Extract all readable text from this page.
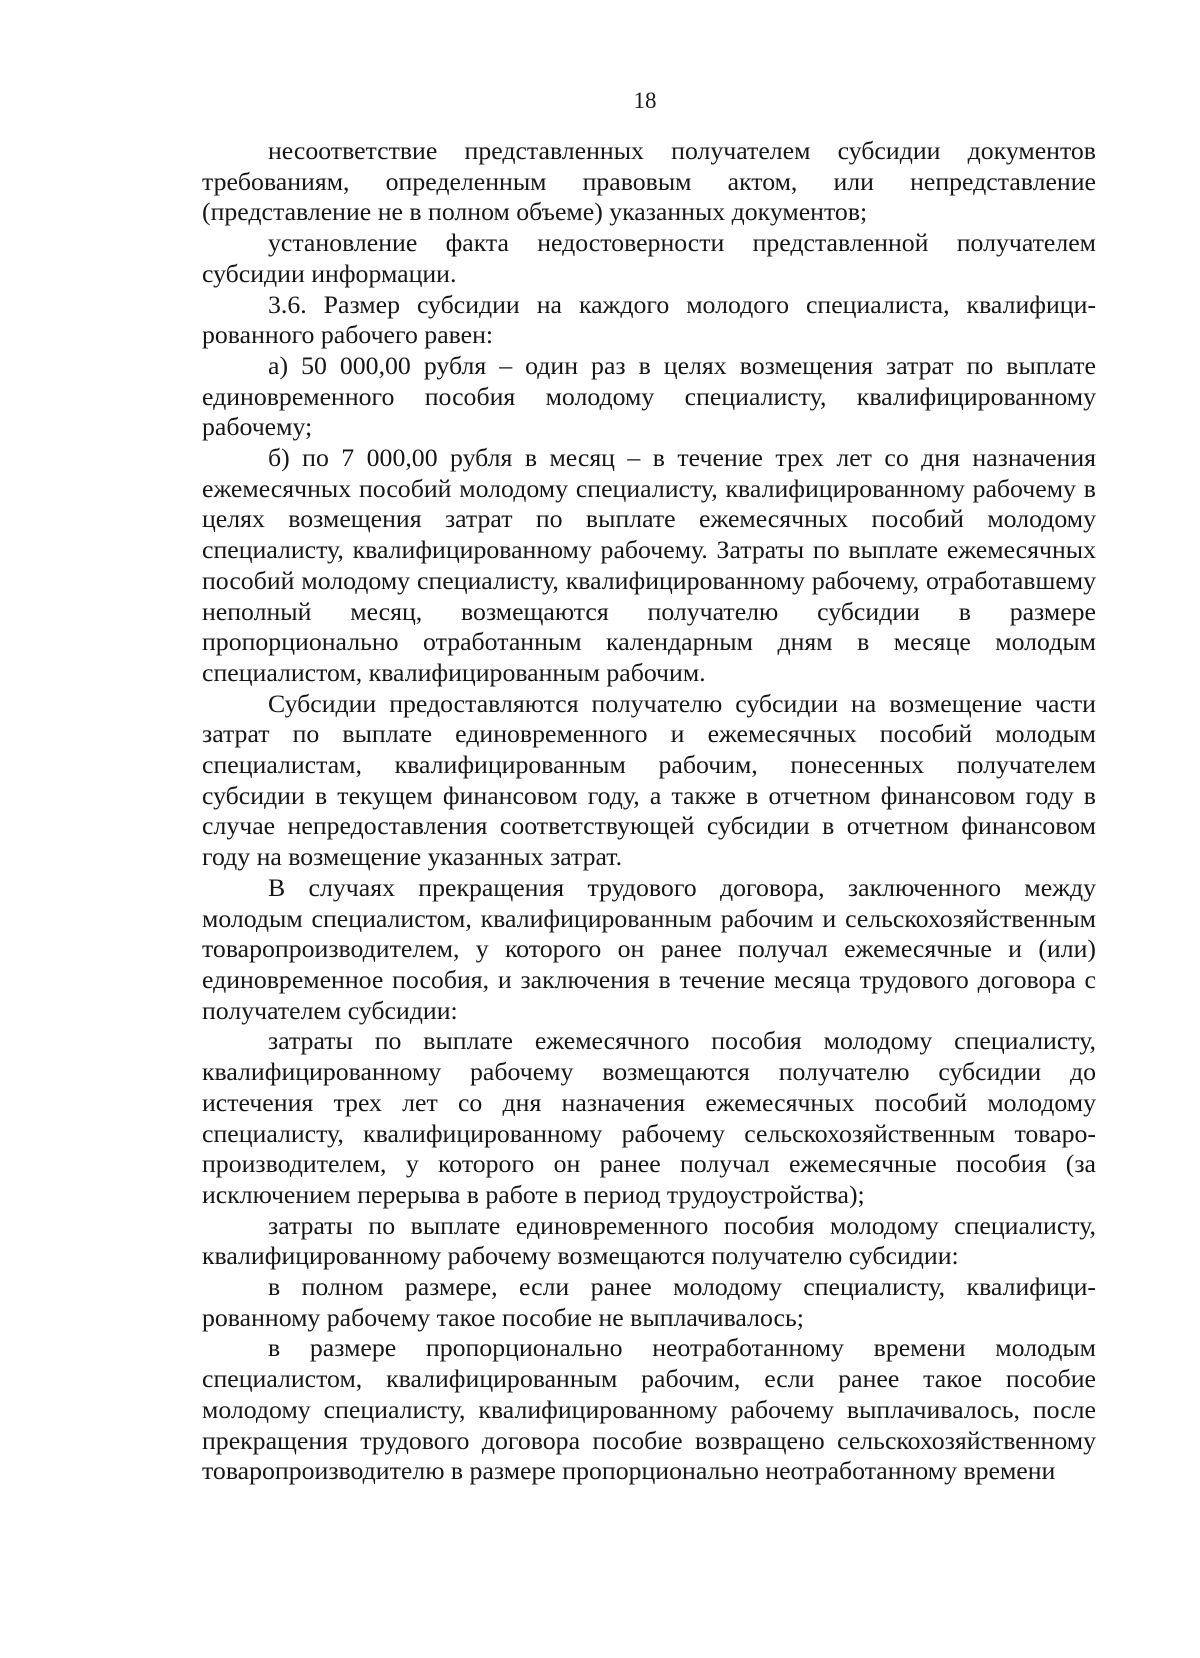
18

несоответствие представленных получателем субсидии документов требованиям, определенным правовым актом, или непредставление (представление не в полном объеме) указанных документов;

установление факта недостоверности представленной получателем субсидии информации.

3.6. Размер субсидии на каждого молодого специалиста, квалифицированного рабочего равен:

а) 50 000,00 рубля – один раз в целях возмещения затрат по выплате единовременного пособия молодому специалисту, квалифицированному рабочему;

б) по 7 000,00 рубля в месяц – в течение трех лет со дня назначения ежемесячных пособий молодому специалисту, квалифицированному рабочему в целях возмещения затрат по выплате ежемесячных пособий молодому специалисту, квалифицированному рабочему. Затраты по выплате ежемесячных пособий молодому специалисту, квалифицированному рабочему, отработавшему неполный месяц, возмещаются получателю субсидии в размере пропорционально отработанным календарным дням в месяце молодым специалистом, квалифицированным рабочим.

Субсидии предоставляются получателю субсидии на возмещение части затрат по выплате единовременного и ежемесячных пособий молодым специалистам, квалифицированным рабочим, понесенных получателем субсидии в текущем финансовом году, а также в отчетном финансовом году в случае непредоставления соответствующей субсидии в отчетном финансовом году на возмещение указанных затрат.

В случаях прекращения трудового договора, заключенного между молодым специалистом, квалифицированным рабочим и сельскохозяйственным товаропроизводителем, у которого он ранее получал ежемесячные и (или) единовременное пособия, и заключения в течение месяца трудового договора с получателем субсидии:

затраты по выплате ежемесячного пособия молодому специалисту, квалифицированному рабочему возмещаются получателю субсидии до истечения трех лет со дня назначения ежемесячных пособий молодому специалисту, квалифицированному рабочему сельскохозяйственным товаропроизводителем, у которого он ранее получал ежемесячные пособия (за исключением перерыва в работе в период трудоустройства);

затраты по выплате единовременного пособия молодому специалисту, квалифицированному рабочему возмещаются получателю субсидии:

в полном размере, если ранее молодому специалисту, квалифицированному рабочему такое пособие не выплачивалось;

в размере пропорционально неотработанному времени молодым специалистом, квалифицированным рабочим, если ранее такое пособие молодому специалисту, квалифицированному рабочему выплачивалось, после прекращения трудового договора пособие возвращено сельскохозяйственному товаропроизводителю в размере пропорционально неотработанному времени
